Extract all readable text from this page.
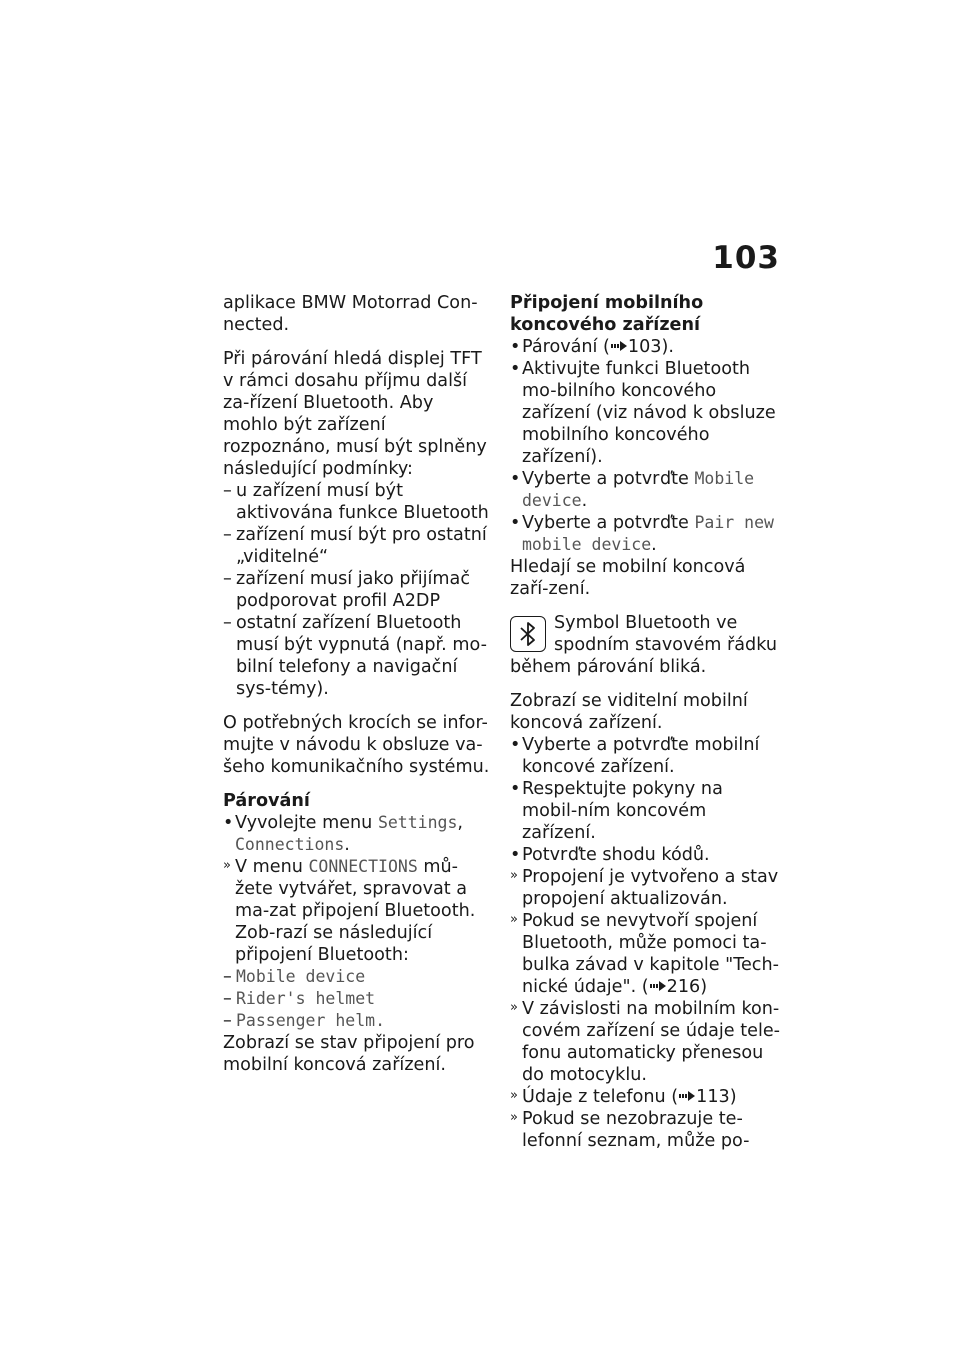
103

aplikace BMW Motorrad Con-nected.

Při párování hledá displej TFT v rámci dosahu příjmu další za-řízení Bluetooth. Aby mohlo být zařízení rozpoznáno, musí být splněny následující podmínky:

– u zařízení musí být aktivována funkce Bluetooth
– zařízení musí být pro ostatní „viditelné“
– zařízení musí jako přijímač podporovat profil A2DP
– ostatní zařízení Bluetooth musí být vypnutá (např. mo-bilní telefony a navigační sys-témy).

O potřebných krocích se infor-mujte v návodu k obsluze va-šeho komunikačního systému.

Párování

• Vyvolejte menu Settings, Connections.
» V menu CONNECTIONS mů-žete vytvářet, spravovat a ma-zat připojení Bluetooth. Zob-razí se následující připojení Bluetooth:
– Mobile device
– Rider's helmet
– Passenger helm.

Zobrazí se stav připojení pro mobilní koncová zařízení.

Připojení mobilního koncového zařízení

• Párování ( 103).
• Aktivujte funkci Bluetooth mo-bilního koncového zařízení (viz návod k obsluze mobilního koncového zařízení).
• Vyberte a potvrďte Mobile device.
• Vyberte a potvrďte Pair new mobile device.

Hledají se mobilní koncová zaří-zení.

Symbol Bluetooth ve spodním stavovém řádku během párování bliká.

Zobrazí se viditelní mobilní koncová zařízení.

• Vyberte a potvrďte mobilní koncové zařízení.
• Respektujte pokyny na mobil-ním koncovém zařízení.
• Potvrďte shodu kódů.
» Propojení je vytvořeno a stav propojení aktualizován.
» Pokud se nevytvoří spojení Bluetooth, může pomoci ta-bulka závad v kapitole "Tech-nické údaje". ( 216)
» V závislosti na mobilním kon-covém zařízení se údaje tele-fonu automaticky přenesou do motocyklu.
» Údaje z telefonu ( 113)
» Pokud se nezobrazuje te-lefonní seznam, může po-
